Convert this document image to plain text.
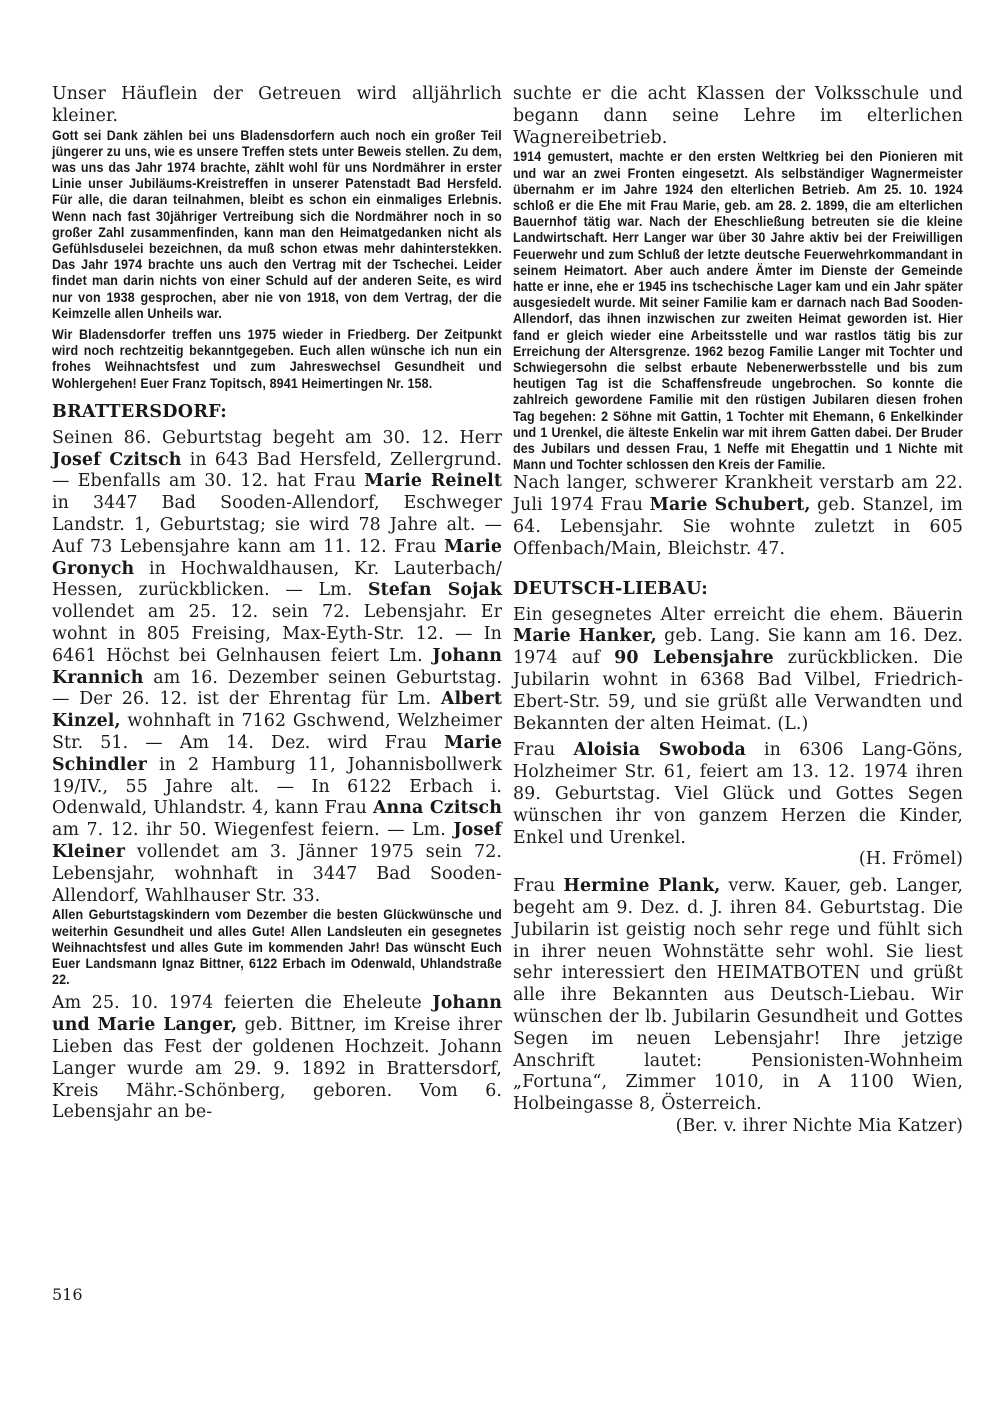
Unser Häuflein der Getreuen wird alljährlich kleiner.

Gott sei Dank zählen bei uns Bladensdorfern auch noch ein großer Teil jüngerer zu uns, wie es unsere Treffen stets unter Beweis stellen. Zu dem, was uns das Jahr 1974 brachte, zählt wohl für uns Nordmährer in erster Linie unser Jubiläums-Kreistreffen in unserer Patenstadt Bad Hersfeld. Für alle, die daran teilnahmen, bleibt es schon ein einmaliges Erlebnis. Wenn nach fast 30jähriger Vertreibung sich die Nordmährer noch in so großer Zahl zusammenfinden, kann man den Heimatgedanken nicht als Gefühlsduselei bezeichnen, da muß schon etwas mehr dahinterstekken. Das Jahr 1974 brachte uns auch den Vertrag mit der Tschechei. Leider findet man darin nichts von einer Schuld auf der anderen Seite, es wird nur von 1938 gesprochen, aber nie von 1918, von dem Vertrag, der die Keimzelle allen Unheils war.

Wir Bladensdorfer treffen uns 1975 wieder in Friedberg. Der Zeitpunkt wird noch rechtzeitig bekanntgegeben. Euch allen wünsche ich nun ein frohes Weihnachtsfest und zum Jahreswechsel Gesundheit und Wohlergehen! Euer Franz Topitsch, 8941 Heimertingen Nr. 158.

BRATTERSDORF:

Seinen 86. Geburtstag begeht am 30. 12. Herr Josef Czitsch in 643 Bad Hersfeld, Zellergrund. — Ebenfalls am 30. 12. hat Frau Marie Reinelt in 3447 Bad Sooden-Allendorf, Eschweger Landstr. 1, Geburtstag; sie wird 78 Jahre alt. — Auf 73 Lebensjahre kann am 11. 12. Frau Marie Gronych in Hochwaldhausen, Kr. Lauterbach/ Hessen, zurückblicken. — Lm. Stefan Sojak vollendet am 25. 12. sein 72. Lebensjahr. Er wohnt in 805 Freising, Max-Eyth-Str. 12. — In 6461 Höchst bei Gelnhausen feiert Lm. Johann Krannich am 16. Dezember seinen Geburtstag. — Der 26. 12. ist der Ehrentag für Lm. Albert Kinzel, wohnhaft in 7162 Gschwend, Welzheimer Str. 51. — Am 14. Dez. wird Frau Marie Schindler in 2 Hamburg 11, Johannisbollwerk 19/IV., 55 Jahre alt. — In 6122 Erbach i. Odenwald, Uhlandstr. 4, kann Frau Anna Czitsch am 7. 12. ihr 50. Wiegenfest feiern. — Lm. Josef Kleiner vollendet am 3. Jänner 1975 sein 72. Lebensjahr, wohnhaft in 3447 Bad Sooden-Allendorf, Wahlhauser Str. 33.

Allen Geburtstagskindern vom Dezember die besten Glückwünsche und weiterhin Gesundheit und alles Gute! Allen Landsleuten ein gesegnetes Weihnachtsfest und alles Gute im kommenden Jahr! Das wünscht Euch Euer Landsmann Ignaz Bittner, 6122 Erbach im Odenwald, Uhlandstraße 22.

Am 25. 10. 1974 feierten die Eheleute Johann und Marie Langer, geb. Bittner, im Kreise ihrer Lieben das Fest der goldenen Hochzeit. Johann Langer wurde am 29. 9. 1892 in Brattersdorf, Kreis Mähr.-Schönberg, geboren. Vom 6. Lebensjahr an be-

suchte er die acht Klassen der Volksschule und begann dann seine Lehre im elterlichen Wagnereibetrieb.

1914 gemustert, machte er den ersten Weltkrieg bei den Pionieren mit und war an zwei Fronten eingesetzt. Als selbständiger Wagnermeister übernahm er im Jahre 1924 den elterlichen Betrieb. Am 25. 10. 1924 schloß er die Ehe mit Frau Marie, geb. am 28. 2. 1899, die am elterlichen Bauernhof tätig war. Nach der Eheschließung betreuten sie die kleine Landwirtschaft. Herr Langer war über 30 Jahre aktiv bei der Freiwilligen Feuerwehr und zum Schluß der letzte deutsche Feuerwehrkommandant in seinem Heimatort. Aber auch andere Ämter im Dienste der Gemeinde hatte er inne, ehe er 1945 ins tschechische Lager kam und ein Jahr später ausgesiedelt wurde. Mit seiner Familie kam er darnach nach Bad Sooden-Allendorf, das ihnen inzwischen zur zweiten Heimat geworden ist. Hier fand er gleich wieder eine Arbeitsstelle und war rastlos tätig bis zur Erreichung der Altersgrenze. 1962 bezog Familie Langer mit Tochter und Schwiegersohn die selbst erbaute Nebenerwerbsstelle und bis zum heutigen Tag ist die Schaffensfreude ungebrochen. So konnte die zahlreich gewordene Familie mit den rüstigen Jubilaren diesen frohen Tag begehen: 2 Söhne mit Gattin, 1 Tochter mit Ehemann, 6 Enkelkinder und 1 Urenkel, die älteste Enkelin war mit ihrem Gatten dabei. Der Bruder des Jubilars und dessen Frau, 1 Neffe mit Ehegattin und 1 Nichte mit Mann und Tochter schlossen den Kreis der Familie.

Nach langer, schwerer Krankheit verstarb am 22. Juli 1974 Frau Marie Schubert, geb. Stanzel, im 64. Lebensjahr. Sie wohnte zuletzt in 605 Offenbach/Main, Bleichstr. 47.

DEUTSCH-LIEBAU:

Ein gesegnetes Alter erreicht die ehem. Bäuerin Marie Hanker, geb. Lang. Sie kann am 16. Dez. 1974 auf 90 Lebensjahre zurückblicken. Die Jubilarin wohnt in 6368 Bad Vilbel, Friedrich-Ebert-Str. 59, und sie grüßt alle Verwandten und Bekannten der alten Heimat. (L.)

Frau Aloisia Swoboda in 6306 Lang-Göns, Holzheimer Str. 61, feiert am 13. 12. 1974 ihren 89. Geburtstag. Viel Glück und Gottes Segen wünschen ihr von ganzem Herzen die Kinder, Enkel und Urenkel.

(H. Frömel)

Frau Hermine Plank, verw. Kauer, geb. Langer, begeht am 9. Dez. d. J. ihren 84. Geburtstag. Die Jubilarin ist geistig noch sehr rege und fühlt sich in ihrer neuen Wohnstätte sehr wohl. Sie liest sehr interessiert den HEIMATBOTEN und grüßt alle ihre Bekannten aus Deutsch-Liebau. Wir wünschen der lb. Jubilarin Gesundheit und Gottes Segen im neuen Lebensjahr! Ihre jetzige Anschrift lautet: Pensionisten-Wohnheim „Fortuna“, Zimmer 1010, in A 1100 Wien, Holbeingasse 8, Österreich.

(Ber. v. ihrer Nichte Mia Katzer)

516
